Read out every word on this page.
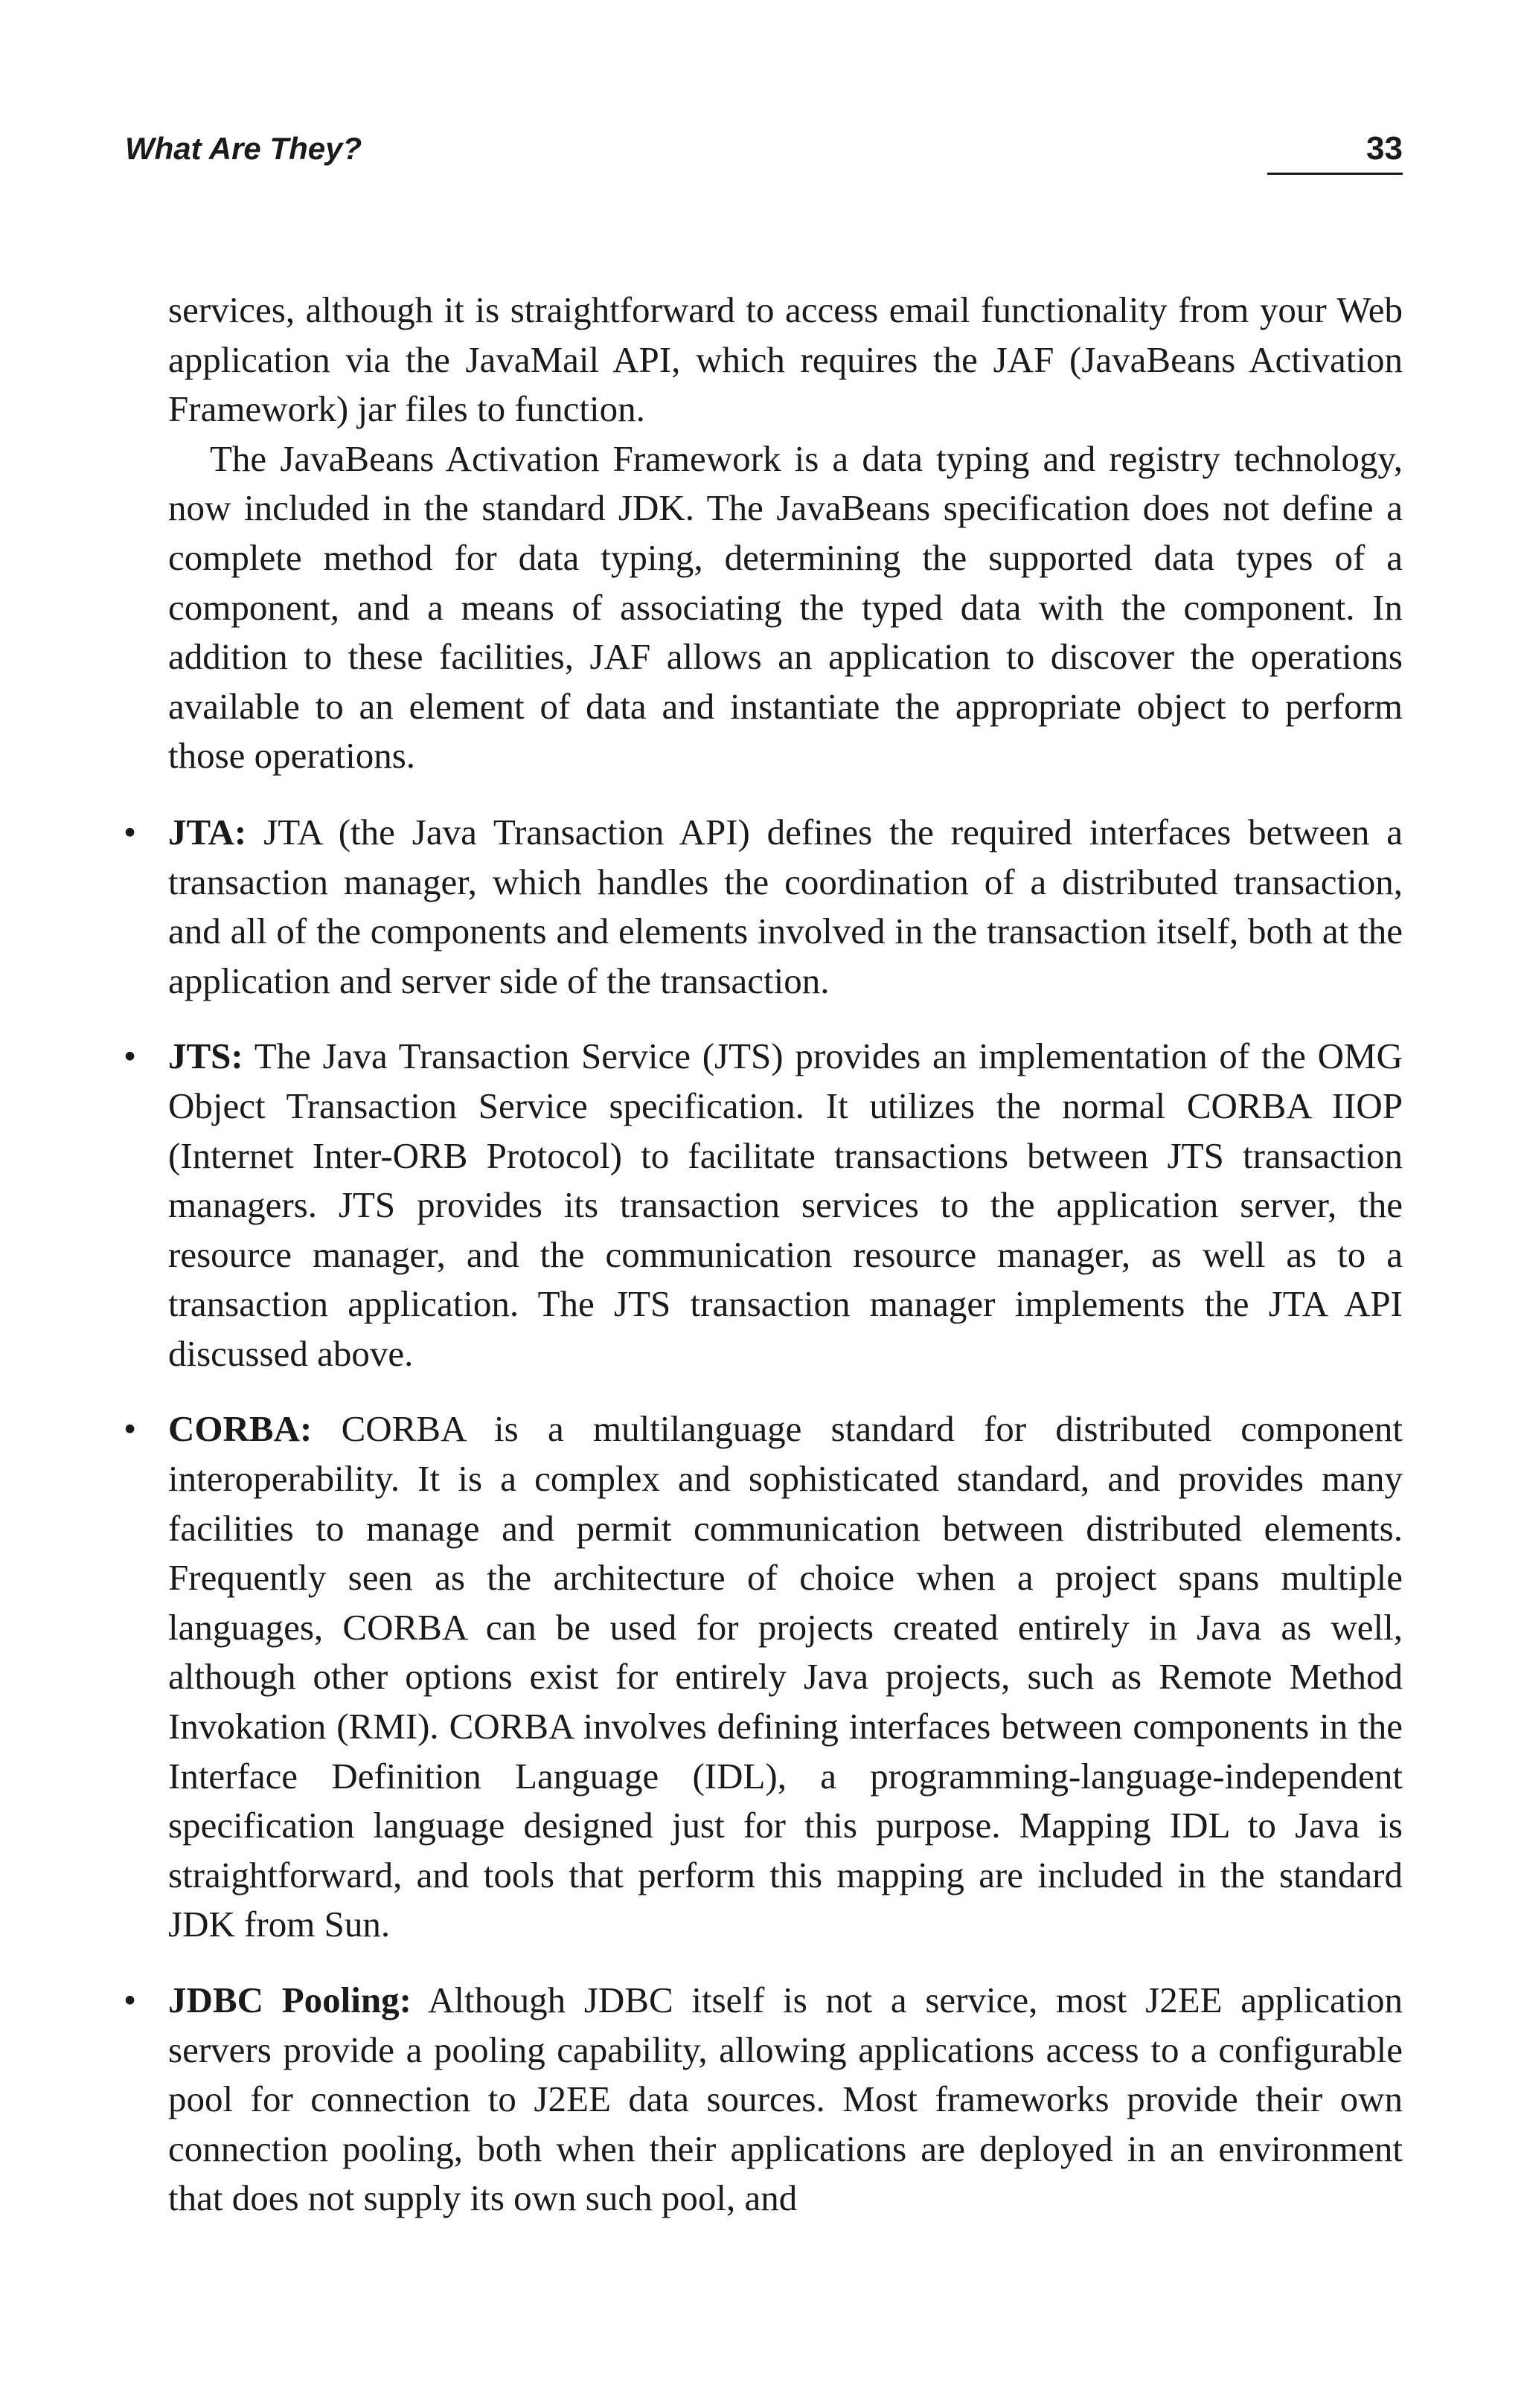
What Are They?	33

services, although it is straightforward to access email functionality from your Web application via the JavaMail API, which requires the JAF (JavaBeans Activation Framework) jar files to function.

The JavaBeans Activation Framework is a data typing and registry technology, now included in the standard JDK. The JavaBeans specification does not define a complete method for data typing, determining the supported data types of a component, and a means of associating the typed data with the component. In addition to these facilities, JAF allows an application to discover the operations available to an element of data and instantiate the appropriate object to perform those operations.

• JTA: JTA (the Java Transaction API) defines the required interfaces between a transaction manager, which handles the coordination of a distributed transaction, and all of the components and elements involved in the transaction itself, both at the application and server side of the transaction.
• JTS: The Java Transaction Service (JTS) provides an implementation of the OMG Object Transaction Service specification. It utilizes the normal CORBA IIOP (Internet Inter-ORB Protocol) to facilitate transactions between JTS transaction managers. JTS provides its transaction services to the application server, the resource manager, and the communication resource manager, as well as to a transaction application. The JTS transaction manager implements the JTA API discussed above.
• CORBA: CORBA is a multilanguage standard for distributed component interoperability. It is a complex and sophisticated standard, and provides many facilities to manage and permit communication between distributed elements. Frequently seen as the architecture of choice when a project spans multiple languages, CORBA can be used for projects created entirely in Java as well, although other options exist for entirely Java projects, such as Remote Method Invokation (RMI). CORBA involves defining interfaces between components in the Interface Definition Language (IDL), a programming-language-independent specification language designed just for this purpose. Mapping IDL to Java is straightforward, and tools that perform this mapping are included in the standard JDK from Sun.
• JDBC Pooling: Although JDBC itself is not a service, most J2EE application servers provide a pooling capability, allowing applications access to a configurable pool for connection to J2EE data sources. Most frameworks provide their own connection pooling, both when their applications are deployed in an environment that does not supply its own such pool, and
